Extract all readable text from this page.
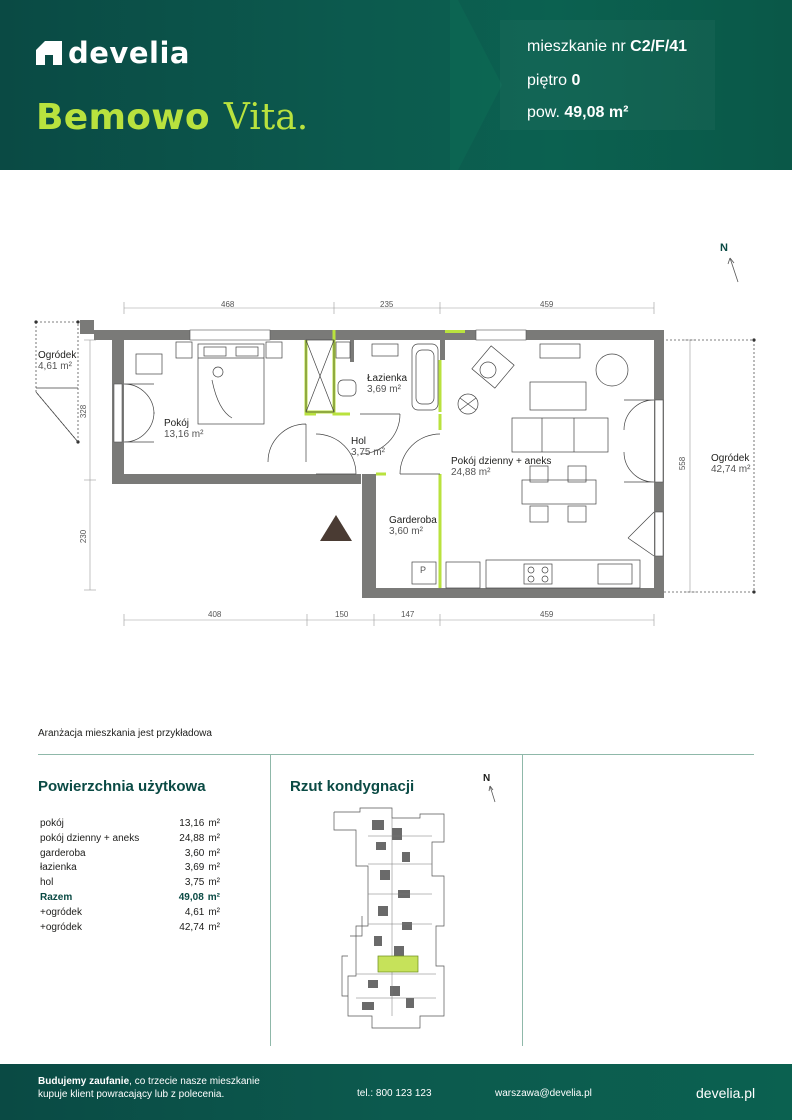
develia
Bemowo Vita.
mieszkanie nr C2/F/41
piętro 0
pow. 49,08 m²
N
468	235	459
408	150	147	459
328
230
558
Ogródek
4,61 m²
Pokój
13,16 m²
Łazienka
3,69 m²
Hol
3,75 m²
Pokój dzienny + aneks
24,88 m²
Garderoba
3,60 m²
Ogródek
42,74 m²
P
Aranżacja mieszkania jest przykładowa
Powierzchnia użytkowa
pokój	13,16 m²
pokój dzienny + aneks	24,88 m²
garderoba	3,60 m²
łazienka	3,69 m²
hol	3,75 m²
Razem	49,08 m²
+ogródek	4,61 m²
+ogródek	42,74 m²
Rzut kondygnacji	N
Budujemy zaufanie, co trzecie nasze mieszkanie
kupuje klient powracający lub z polecenia.	tel.: 800 123 123	warszawa@develia.pl	develia.pl
